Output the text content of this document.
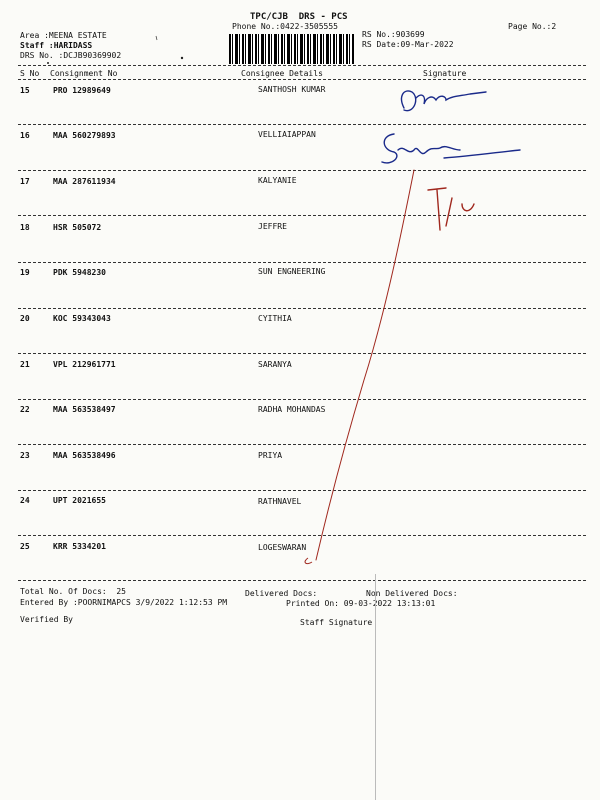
TPC/CJB  DRS - PCS
Phone No.:0422-3505555	Page No.:2
Area :MEENA ESTATE
Staff :HARIDASS
DRS No. :DCJB90369902
RS No.:903699
RS Date:09-Mar-2022
S No Consignment No	Consignee Details	Signature
15	PRO 12989649	SANTHOSH KUMAR
16	MAA 560279893	VELLIAIAPPAN
17	MAA 287611934	KALYANIE
18	HSR 505072	JEFFRE
19	PDK 5948230	SUN ENGNEERING
20	KOC 59343043	CYITHIA
21	VPL 212961771	SARANYA
22	MAA 563538497	RADHA MOHANDAS
23	MAA 563538496	PRIYA
24	UPT 2021655	RATHNAVEL
25	KRR 5334201	LOGESWARAN
Total No. Of Docs:  25	Delivered Docs:	Non Delivered Docs:
Entered By :POORNIMAPCS 3/9/2022 1:12:53 PM	Printed On: 09-03-2022 13:13:01
Verified By	Staff Signature
